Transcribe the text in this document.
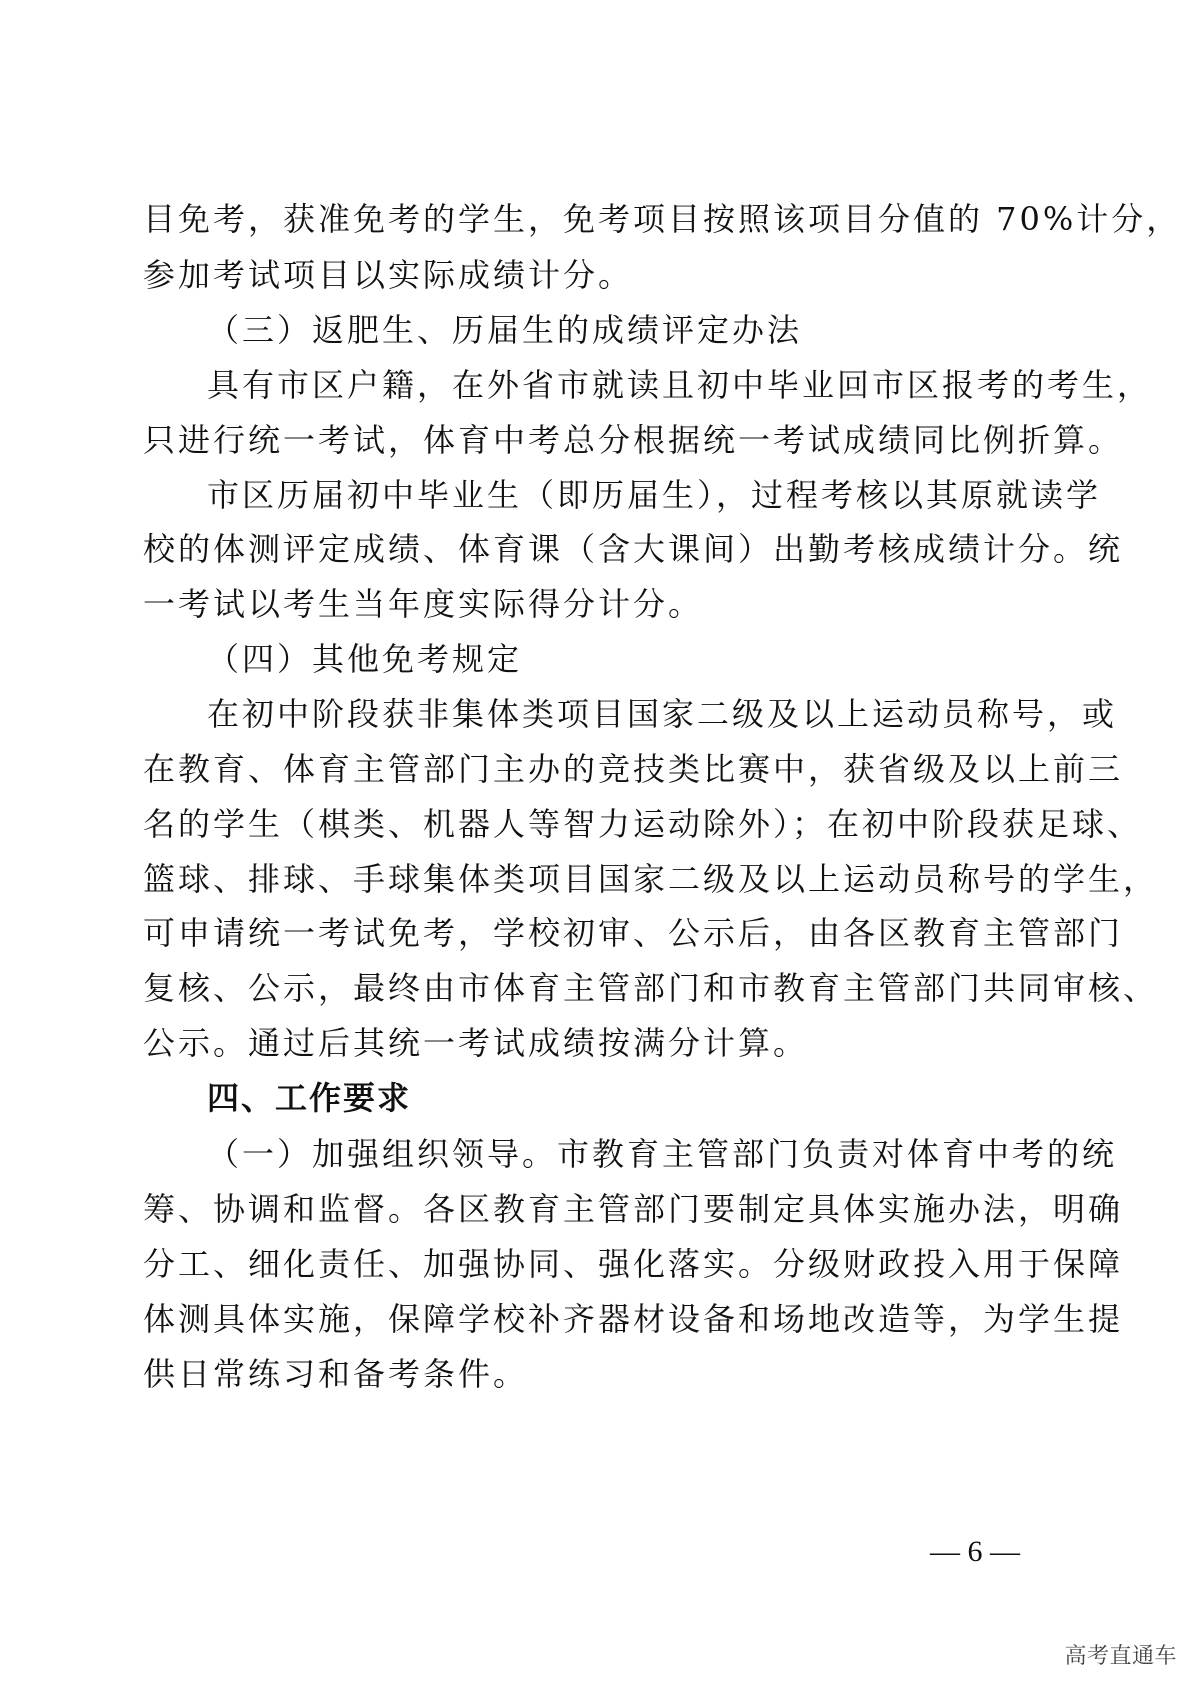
目免考，获准免考的学生，免考项目按照该项目分值的 70%计分，
参加考试项目以实际成绩计分。
（三）返肥生、历届生的成绩评定办法
具有市区户籍，在外省市就读且初中毕业回市区报考的考生，
只进行统一考试，体育中考总分根据统一考试成绩同比例折算。
市区历届初中毕业生（即历届生），过程考核以其原就读学
校的体测评定成绩、体育课（含大课间）出勤考核成绩计分。统
一考试以考生当年度实际得分计分。
（四）其他免考规定
在初中阶段获非集体类项目国家二级及以上运动员称号，或
在教育、体育主管部门主办的竞技类比赛中，获省级及以上前三
名的学生（棋类、机器人等智力运动除外）；在初中阶段获足球、
篮球、排球、手球集体类项目国家二级及以上运动员称号的学生，
可申请统一考试免考，学校初审、公示后，由各区教育主管部门
复核、公示，最终由市体育主管部门和市教育主管部门共同审核、
公示。通过后其统一考试成绩按满分计算。
四、工作要求
（一）加强组织领导。市教育主管部门负责对体育中考的统
筹、协调和监督。各区教育主管部门要制定具体实施办法，明确
分工、细化责任、加强协同、强化落实。分级财政投入用于保障
体测具体实施，保障学校补齐器材设备和场地改造等，为学生提
供日常练习和备考条件。
— 6 —
高考直通车
